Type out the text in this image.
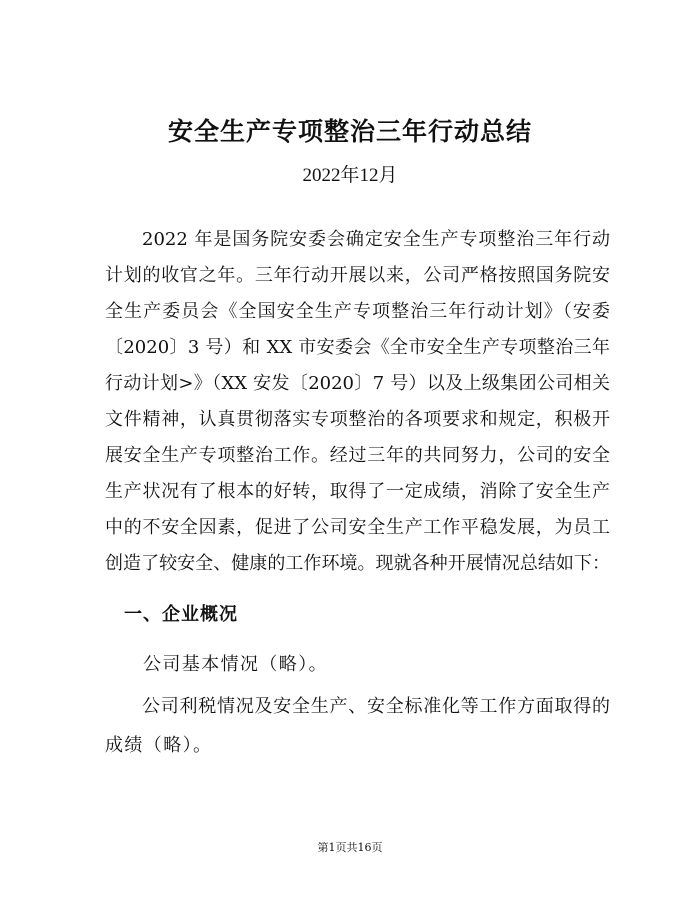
安全生产专项整治三年行动总结
2022年12月
2022 年是国务院安委会确定安全生产专项整治三年行动
计划的收官之年。三年行动开展以来，公司严格按照国务院安
全生产委员会《全国安全生产专项整治三年行动计划》（安委
〔2020〕3 号）和 XX 市安委会《全市安全生产专项整治三年
行动计划>》（XX 安发〔2020〕7 号）以及上级集团公司相关
文件精神，认真贯彻落实专项整治的各项要求和规定，积极开
展安全生产专项整治工作。经过三年的共同努力，公司的安全
生产状况有了根本的好转，取得了一定成绩，消除了安全生产
中的不安全因素，促进了公司安全生产工作平稳发展，为员工
创造了较安全、健康的工作环境。现就各种开展情况总结如下：
一、企业概况
公司基本情况（略）。
公司利税情况及安全生产、安全标准化等工作方面取得的
成绩（略）。
第1页共16页
